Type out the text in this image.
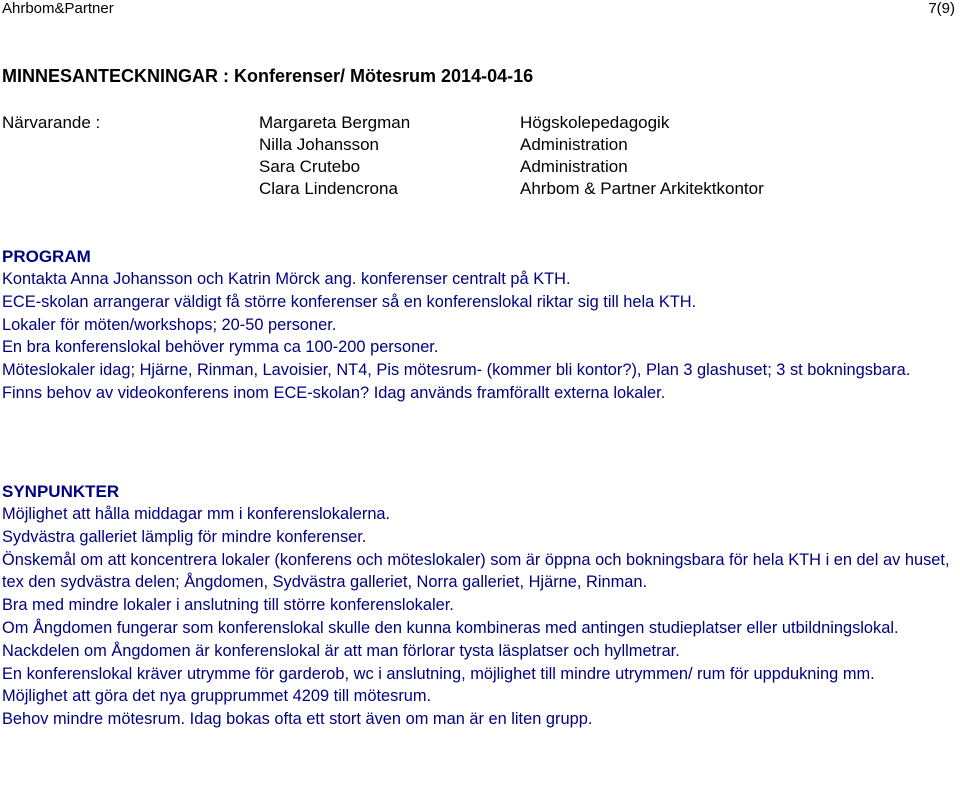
Ahrbom&Partner	7(9)
MINNESANTECKNINGAR : Konferenser/ Mötesrum 2014-04-16
Närvarande :	Margareta Bergman	Högskolepedagogik
Nilla Johansson	Administration
Sara Crutebo	Administration
Clara Lindencrona	Ahrbom & Partner Arkitektkontor
PROGRAM
Kontakta Anna Johansson och Katrin Mörck ang. konferenser centralt på KTH.
ECE-skolan arrangerar väldigt få större konferenser så en konferenslokal riktar sig till hela KTH.
Lokaler för möten/workshops; 20-50 personer.
En bra konferenslokal behöver rymma ca 100-200 personer.
Möteslokaler idag; Hjärne, Rinman, Lavoisier, NT4, Pis mötesrum- (kommer bli kontor?), Plan 3 glashuset; 3 st bokningsbara.
Finns behov av videokonferens inom ECE-skolan? Idag används framförallt externa lokaler.
SYNPUNKTER
Möjlighet att hålla middagar mm i konferenslokalerna.
Sydvästra galleriet lämplig för mindre konferenser.
Önskemål om att koncentrera lokaler (konferens och möteslokaler) som är öppna och bokningsbara för hela KTH i en del av huset, tex den sydvästra delen; Ångdomen, Sydvästra galleriet, Norra galleriet, Hjärne, Rinman.
Bra med mindre lokaler i anslutning till större konferenslokaler.
Om Ångdomen fungerar som konferenslokal skulle den kunna kombineras med antingen studieplatser eller utbildningslokal.
Nackdelen om Ångdomen är konferenslokal är att man förlorar tysta läsplatser och hyllmetrar.
En konferenslokal kräver utrymme för garderob, wc i anslutning, möjlighet till mindre utrymmen/ rum för uppdukning mm.
Möjlighet att göra det nya grupprummet 4209 till mötesrum.
Behov mindre mötesrum. Idag bokas ofta ett stort även om man är en liten grupp.
